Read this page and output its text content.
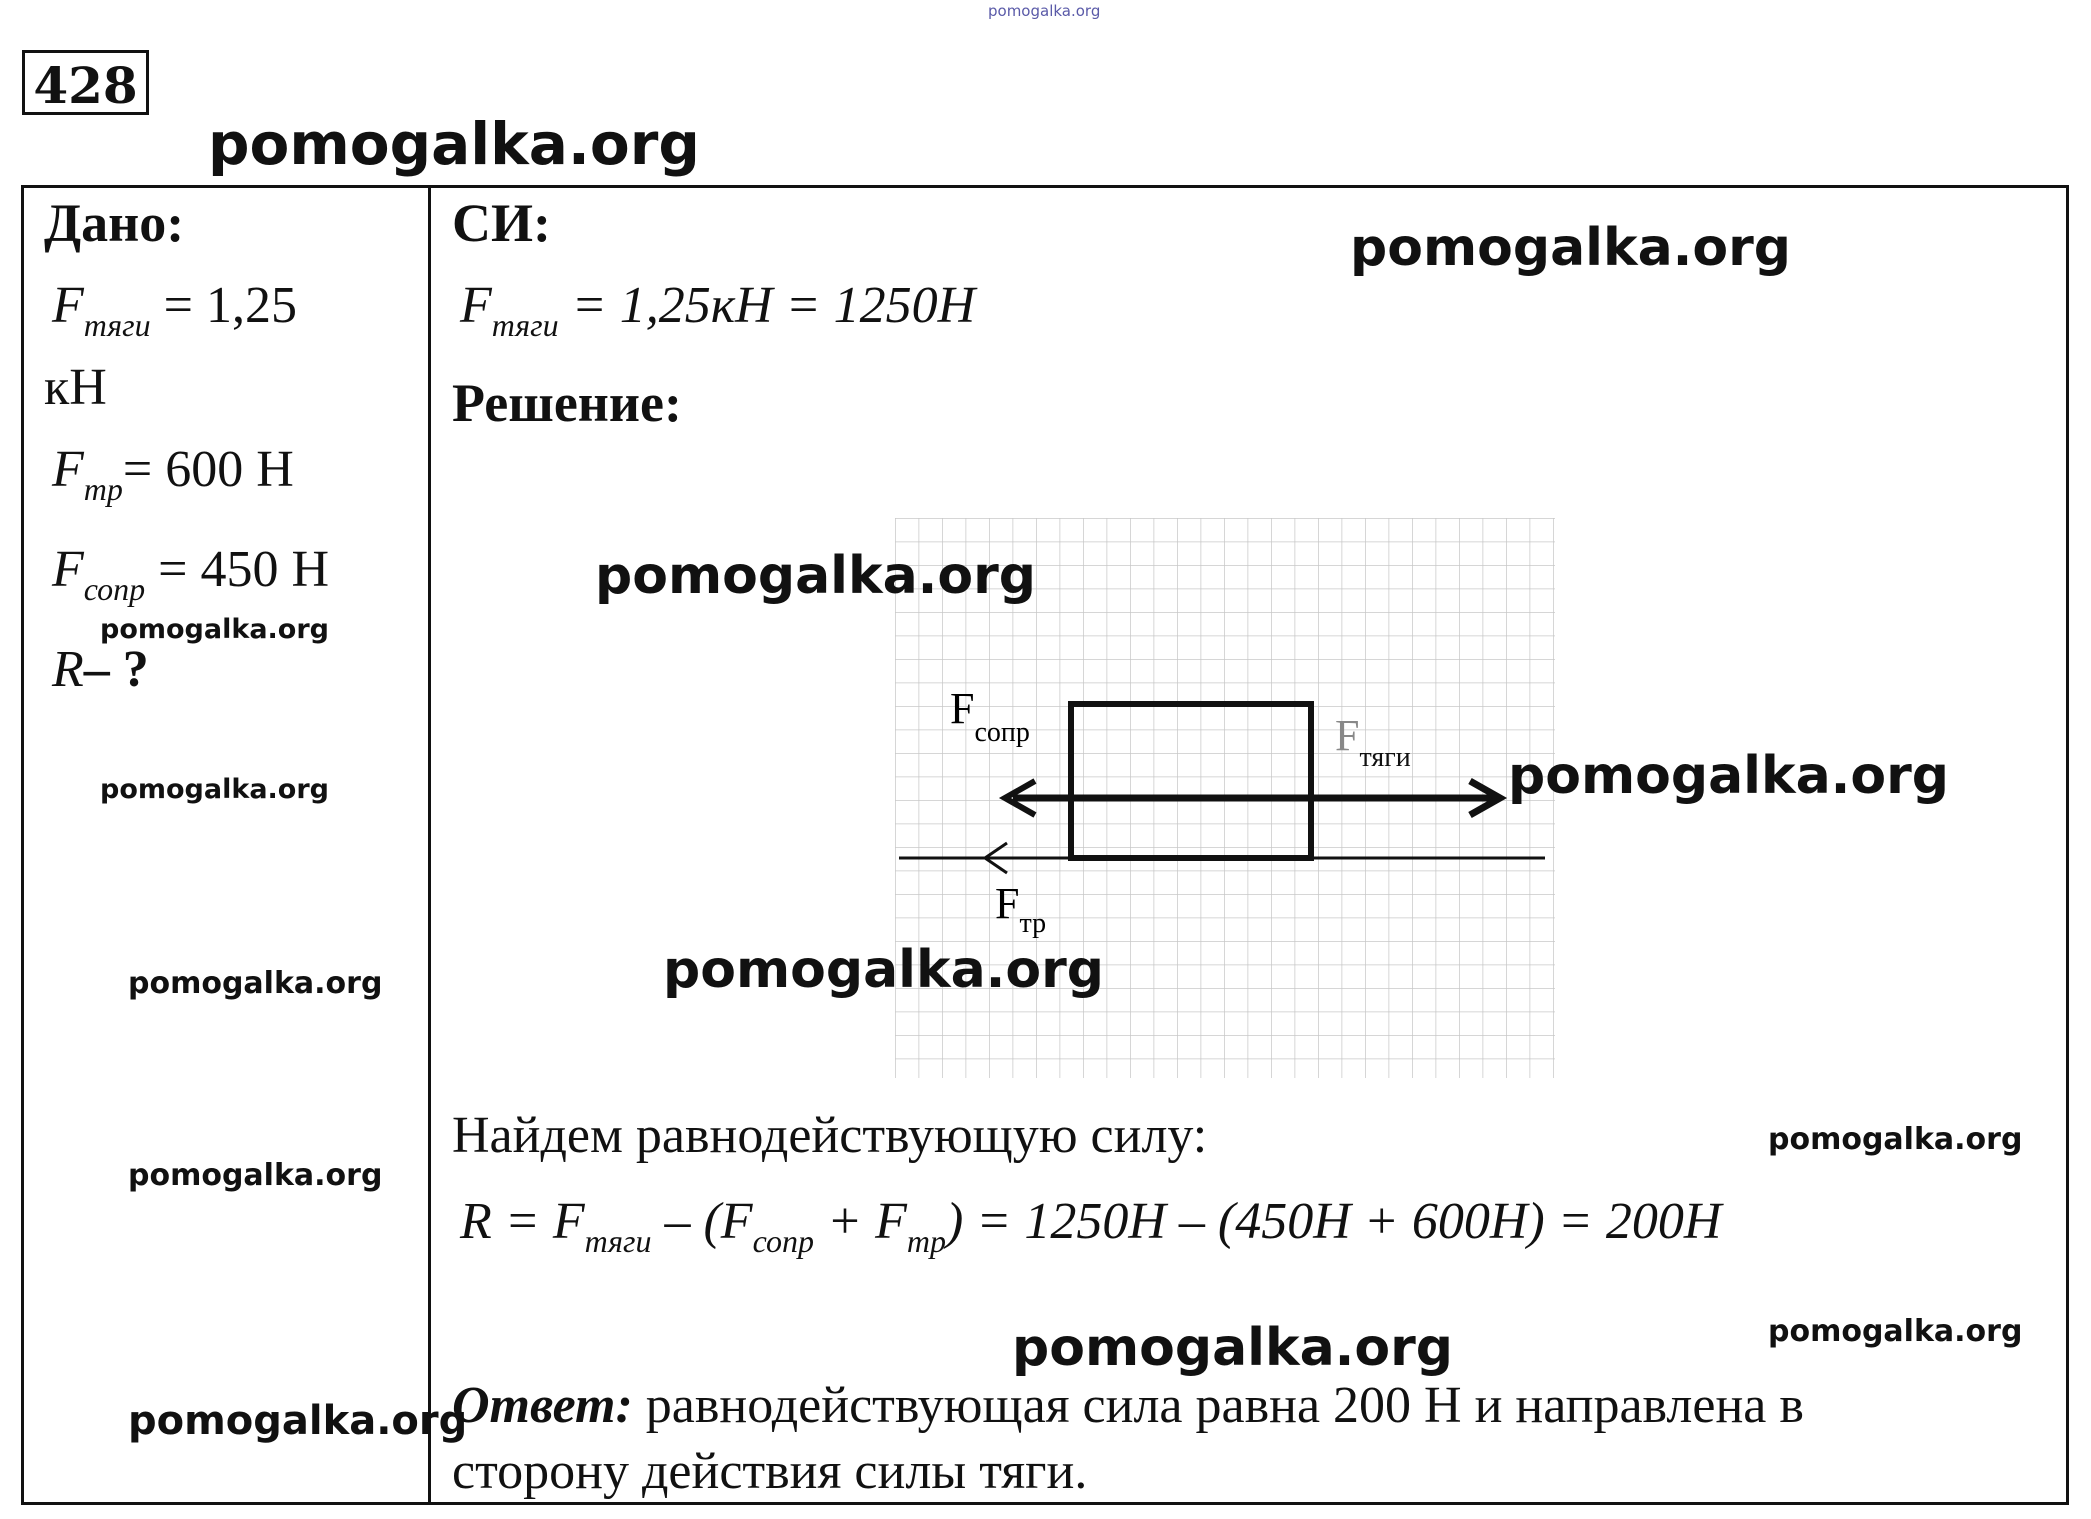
pomogalka.org
428
pomogalka.org
Дано:
$F_{тяги} = 1,25$
кН
$F_{тр}= 600$ Н
$F_{сопр} = 450$ Н
pomogalka.org
R– ?
pomogalka.org
pomogalka.org
pomogalka.org
pomogalka.org
СИ:	pomogalka.org
$F_{тяги} = 1,25кН = 1250Н$
Решение:
$F_{сопр}$	$F_{тяги}$
$F_{тр}$
pomogalka.org
pomogalka.org
pomogalka.org
Найдем равнодействующую силу:	pomogalka.org
$R = F_{тяги} - (F_{сопр} + F_{тр}) = 1250Н - (450Н + 600Н) = 200Н$
pomogalka.org
pomogalka.org
Ответ: равнодействующая сила равна 200 Н и направлена в
сторону действия силы тяги.
